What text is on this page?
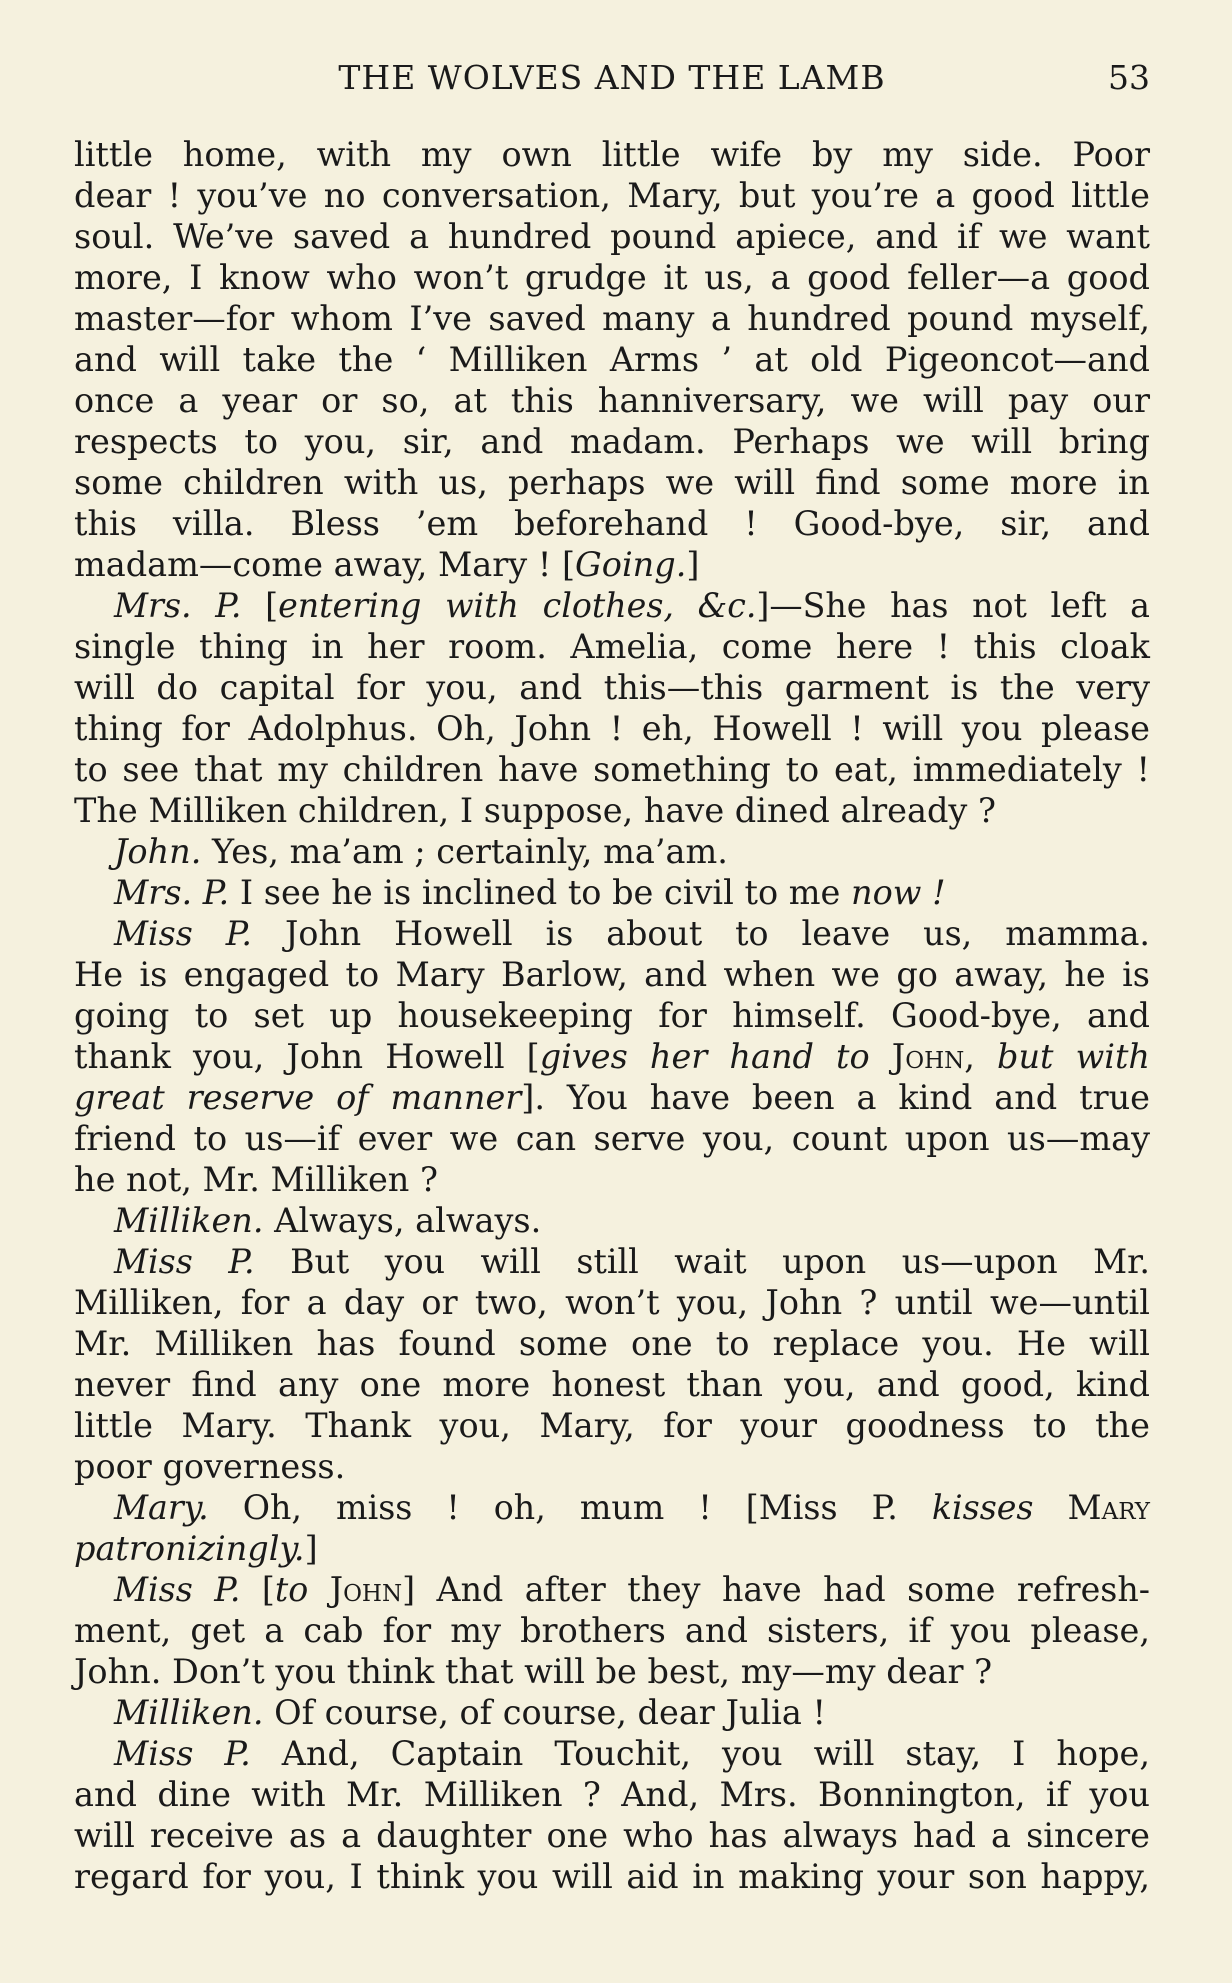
THE WOLVES AND THE LAMB	53
little home, with my own little wife by my side. Poor
dear ! you’ve no conversation, Mary, but you’re a good little
soul. We’ve saved a hundred pound apiece, and if we want
more, I know who won’t grudge it us, a good feller—a good
master—for whom I’ve saved many a hundred pound myself,
and will take the ‘ Milliken Arms ’ at old Pigeoncot—and
once a year or so, at this hanniversary, we will pay our
respects to you, sir, and madam. Perhaps we will bring
some children with us, perhaps we will find some more in
this villa. Bless ’em beforehand ! Good-bye, sir, and
madam—come away, Mary ! [Going.]
Mrs. P. [entering with clothes, &c.]—She has not left a
single thing in her room. Amelia, come here ! this cloak
will do capital for you, and this—this garment is the very
thing for Adolphus. Oh, John ! eh, Howell ! will you please
to see that my children have something to eat, immediately !
The Milliken children, I suppose, have dined already ?
John. Yes, ma’am ; certainly, ma’am.
Mrs. P. I see he is inclined to be civil to me now !
Miss P. John Howell is about to leave us, mamma.
He is engaged to Mary Barlow, and when we go away, he is
going to set up housekeeping for himself. Good-bye, and
thank you, John Howell [gives her hand to John, but with
great reserve of manner]. You have been a kind and true
friend to us—if ever we can serve you, count upon us—may
he not, Mr. Milliken ?
Milliken. Always, always.
Miss P. But you will still wait upon us—upon Mr.
Milliken, for a day or two, won’t you, John ? until we—until
Mr. Milliken has found some one to replace you. He will
never find any one more honest than you, and good, kind
little Mary. Thank you, Mary, for your goodness to the
poor governess.
Mary. Oh, miss ! oh, mum ! [Miss P. kisses Mary
patronizingly.]
Miss P. [to John] And after they have had some refresh-
ment, get a cab for my brothers and sisters, if you please,
John. Don’t you think that will be best, my—my dear ?
Milliken. Of course, of course, dear Julia !
Miss P. And, Captain Touchit, you will stay, I hope,
and dine with Mr. Milliken ? And, Mrs. Bonnington, if you
will receive as a daughter one who has always had a sincere
regard for you, I think you will aid in making your son happy,
